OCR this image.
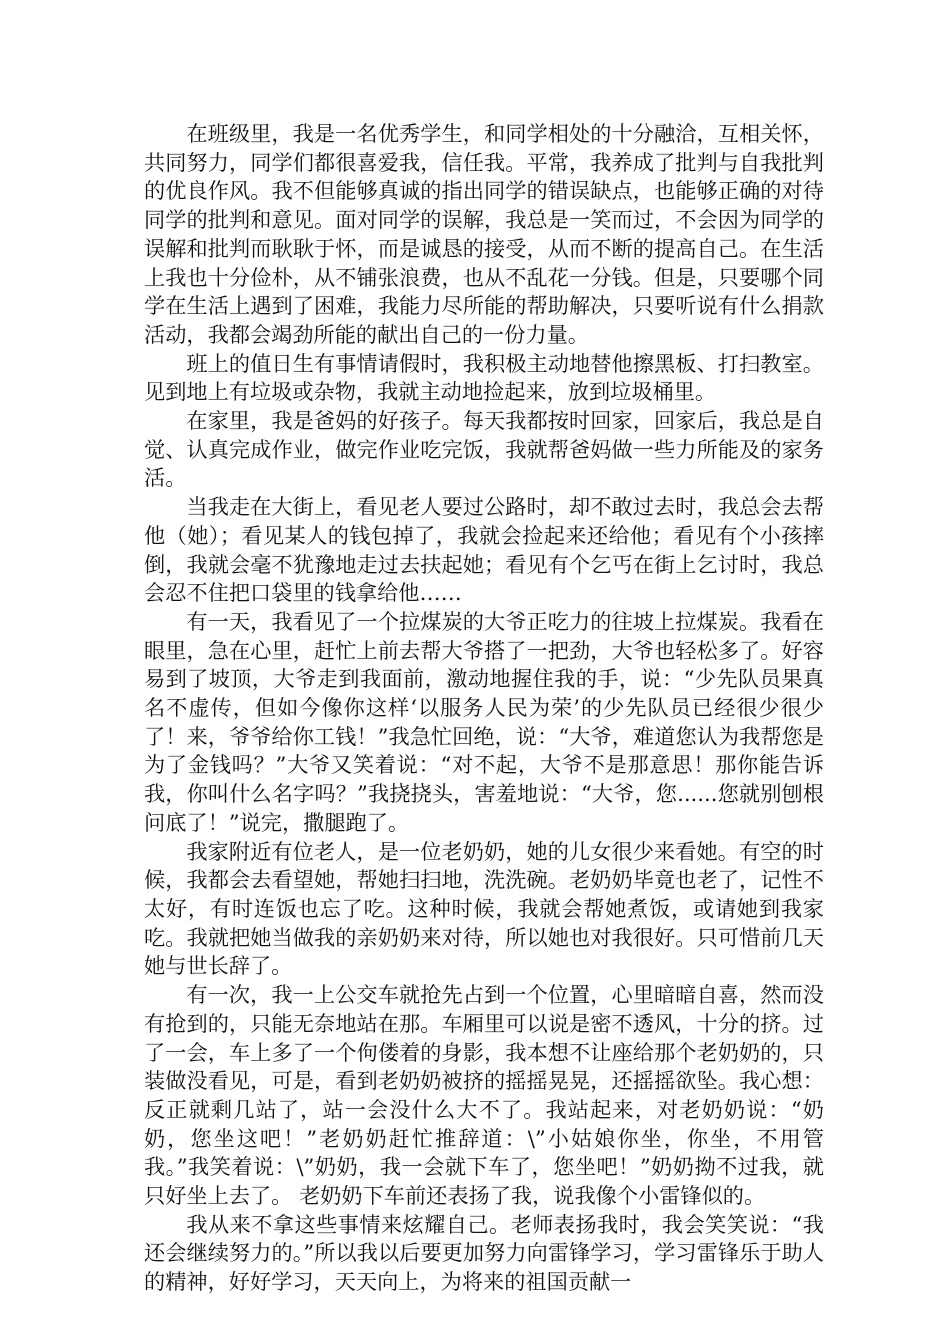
在班级里，我是一名优秀学生，和同学相处的十分融洽，互相关怀，共同努力，同学们都很喜爱我，信任我。平常，我养成了批判与自我批判的优良作风。我不但能够真诚的指出同学的错误缺点，也能够正确的对待同学的批判和意见。面对同学的误解，我总是一笑而过，不会因为同学的误解和批判而耿耿于怀，而是诚恳的接受，从而不断的提高自己。在生活上我也十分俭朴，从不铺张浪费，也从不乱花一分钱。但是，只要哪个同学在生活上遇到了困难，我能力尽所能的帮助解决，只要听说有什么捐款活动，我都会竭劲所能的献出自己的一份力量。

班上的值日生有事情请假时，我积极主动地替他擦黑板、打扫教室。见到地上有垃圾或杂物，我就主动地捡起来，放到垃圾桶里。

在家里，我是爸妈的好孩子。每天我都按时回家，回家后，我总是自觉、认真完成作业，做完作业吃完饭，我就帮爸妈做一些力所能及的家务活。

当我走在大街上，看见老人要过公路时，却不敢过去时，我总会去帮他（她）；看见某人的钱包掉了，我就会捡起来还给他；看见有个小孩摔倒，我就会毫不犹豫地走过去扶起她；看见有个乞丐在街上乞讨时，我总会忍不住把口袋里的钱拿给他……

有一天，我看见了一个拉煤炭的大爷正吃力的往坡上拉煤炭。我看在眼里，急在心里，赶忙上前去帮大爷搭了一把劲，大爷也轻松多了。好容易到了坡顶，大爷走到我面前，激动地握住我的手，说：“少先队员果真名不虚传，但如今像你这样‘以服务人民为荣’的少先队员已经很少很少了！来，爷爷给你工钱！”我急忙回绝，说：“大爷，难道您认为我帮您是为了金钱吗？”大爷又笑着说：“对不起，大爷不是那意思！那你能告诉我，你叫什么名字吗？”我挠挠头，害羞地说：“大爷，您......您就别刨根问底了！”说完，撒腿跑了。

我家附近有位老人，是一位老奶奶，她的儿女很少来看她。有空的时候，我都会去看望她，帮她扫扫地，洗洗碗。老奶奶毕竟也老了，记性不太好，有时连饭也忘了吃。这种时候，我就会帮她煮饭，或请她到我家吃。我就把她当做我的亲奶奶来对待，所以她也对我很好。只可惜前几天她与世长辞了。

有一次，我一上公交车就抢先占到一个位置，心里暗暗自喜，然而没有抢到的，只能无奈地站在那。车厢里可以说是密不透风，十分的挤。过了一会，车上多了一个佝偻着的身影，我本想不让座给那个老奶奶的，只装做没看见，可是，看到老奶奶被挤的摇摇晃晃，还摇摇欲坠。我心想：反正就剩几站了，站一会没什么大不了。我站起来，对老奶奶说：“奶奶，您坐这吧！”老奶奶赶忙推辞道：\”小姑娘你坐，你坐，不用管我。”我笑着说：\”奶奶，我一会就下车了，您坐吧！”奶奶拗不过我，就只好坐上去了。 老奶奶下车前还表扬了我，说我像个小雷锋似的。

我从来不拿这些事情来炫耀自己。老师表扬我时，我会笑笑说：“我还会继续努力的。”所以我以后要更加努力向雷锋学习，学习雷锋乐于助人的精神，好好学习，天天向上，为将来的祖国贡献一
